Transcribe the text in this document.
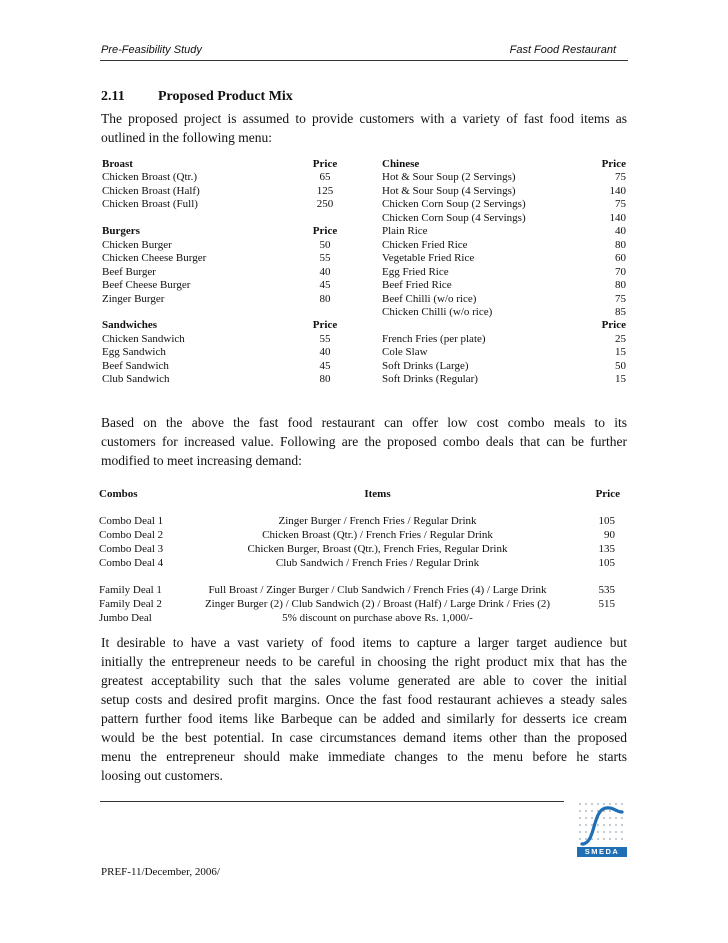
Pre-Feasibility Study	Fast Food Restaurant
2.11 Proposed Product Mix
The proposed project is assumed to provide customers with a variety of fast food items as
outlined in the following menu:
Broast	Price
Chicken Broast (Qtr.)	65
Chicken Broast (Half)	125
Chicken Broast (Full)	250
Burgers	Price
Chicken Burger	50
Chicken Cheese Burger	55
Beef Burger	40
Beef Cheese Burger	45
Zinger Burger	80
Sandwiches	Price
Chicken Sandwich	55
Egg Sandwich	40
Beef Sandwich	45
Club Sandwich	80
Chinese	Price
Hot & Sour Soup (2 Servings)	75
Hot & Sour Soup (4 Servings)	140
Chicken Corn Soup (2 Servings)	75
Chicken Corn Soup (4 Servings)	140
Plain Rice	40
Chicken Fried Rice	80
Vegetable Fried Rice	60
Egg Fried Rice	70
Beef Fried Rice	80
Beef Chilli (w/o rice)	75
Chicken Chilli (w/o rice)	85
Price
French Fries (per plate)	25
Cole Slaw	15
Soft Drinks (Large)	50
Soft Drinks (Regular)	15
Based on the above the fast food restaurant can offer low cost combo meals to its
customers for increased value. Following are the proposed combo deals that can be further
modified to meet increasing demand:
Combos	Items	Price
Combo Deal 1	Zinger Burger / French Fries / Regular Drink	105
Combo Deal 2	Chicken Broast (Qtr.) / French Fries / Regular Drink	90
Combo Deal 3	Chicken Burger, Broast (Qtr.), French Fries, Regular Drink	135
Combo Deal 4	Club Sandwich / French Fries / Regular Drink	105
Family Deal 1	Full Broast / Zinger Burger / Club Sandwich / French Fries (4) / Large Drink	535
Family Deal 2	Zinger Burger (2) / Club Sandwich (2) / Broast (Half) / Large Drink / Fries (2)	515
Jumbo Deal	5% discount on purchase above Rs. 1,000/-
It desirable to have a vast variety of food items to capture a larger target audience but
initially the entrepreneur needs to be careful in choosing the right product mix that has the
greatest acceptability such that the sales volume generated are able to cover the initial
setup costs and desired profit margins. Once the fast food restaurant achieves a steady sales
pattern further food items like Barbeque can be added and similarly for desserts ice cream
would be the best potential. In case circumstances demand items other than the proposed
menu the entrepreneur should make immediate changes to the menu before he starts
loosing out customers.
SMEDA
PREF-11/December, 2006/
